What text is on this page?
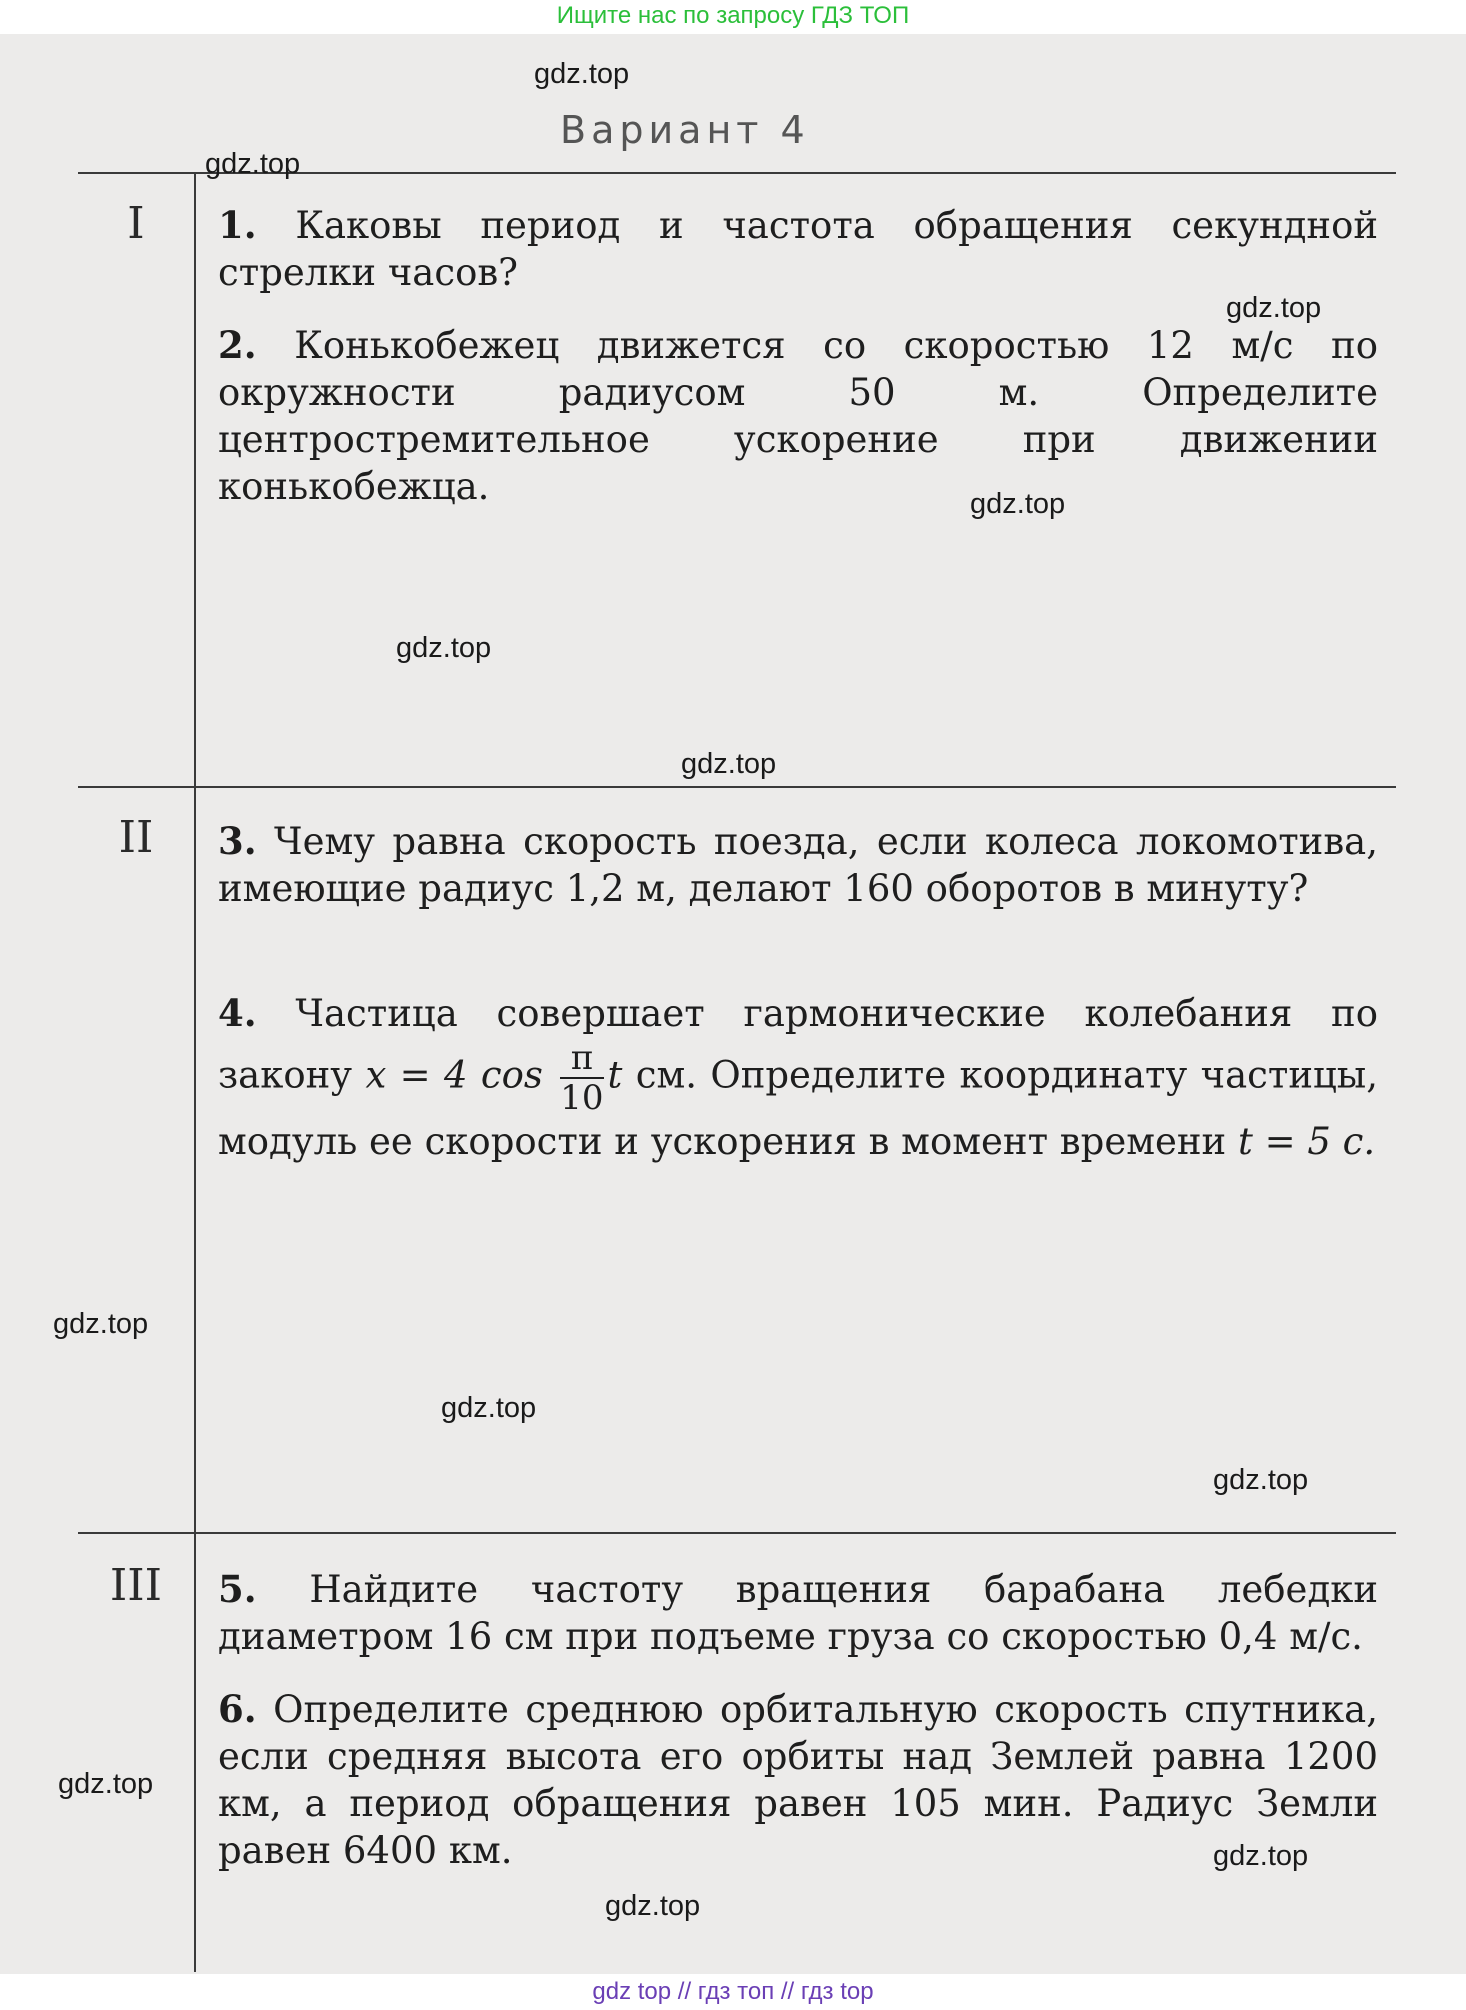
Ищите нас по запросу ГДЗ ТОП
Вариант 4
I	1. Каковы период и частота обращения секундной стрелки часов?
2. Конькобежец движется со скоростью 12 м/с по окружности радиусом 50 м. Определите центростремительное ускорение при движении конькобежца.
II	3. Чему равна скорость поезда, если колеса локомотива, имеющие радиус 1,2 м, делают 160 оборотов в минуту?
4. Частица совершает гармонические колебания по закону x = 4 $\cos \frac{\pi}{10}$ t см. Определите координату частицы, модуль ее скорости и ускорения в момент времени t = 5 с.
III	5. Найдите частоту вращения барабана лебедки диаметром 16 см при подъеме груза со скоростью 0,4 м/с.
6. Определите среднюю орбитальную скорость спутника, если средняя высота его орбиты над Землей равна 1200 км, а период обращения равен 105 мин. Радиус Земли равен 6400 км.
gdz.top
gdz.top
gdz.top
gdz.top
gdz.top
gdz.top
gdz.top
gdz.top
gdz.top
gdz.top
gdz.top
gdz.top
gdz top // гдз топ // гдз top
